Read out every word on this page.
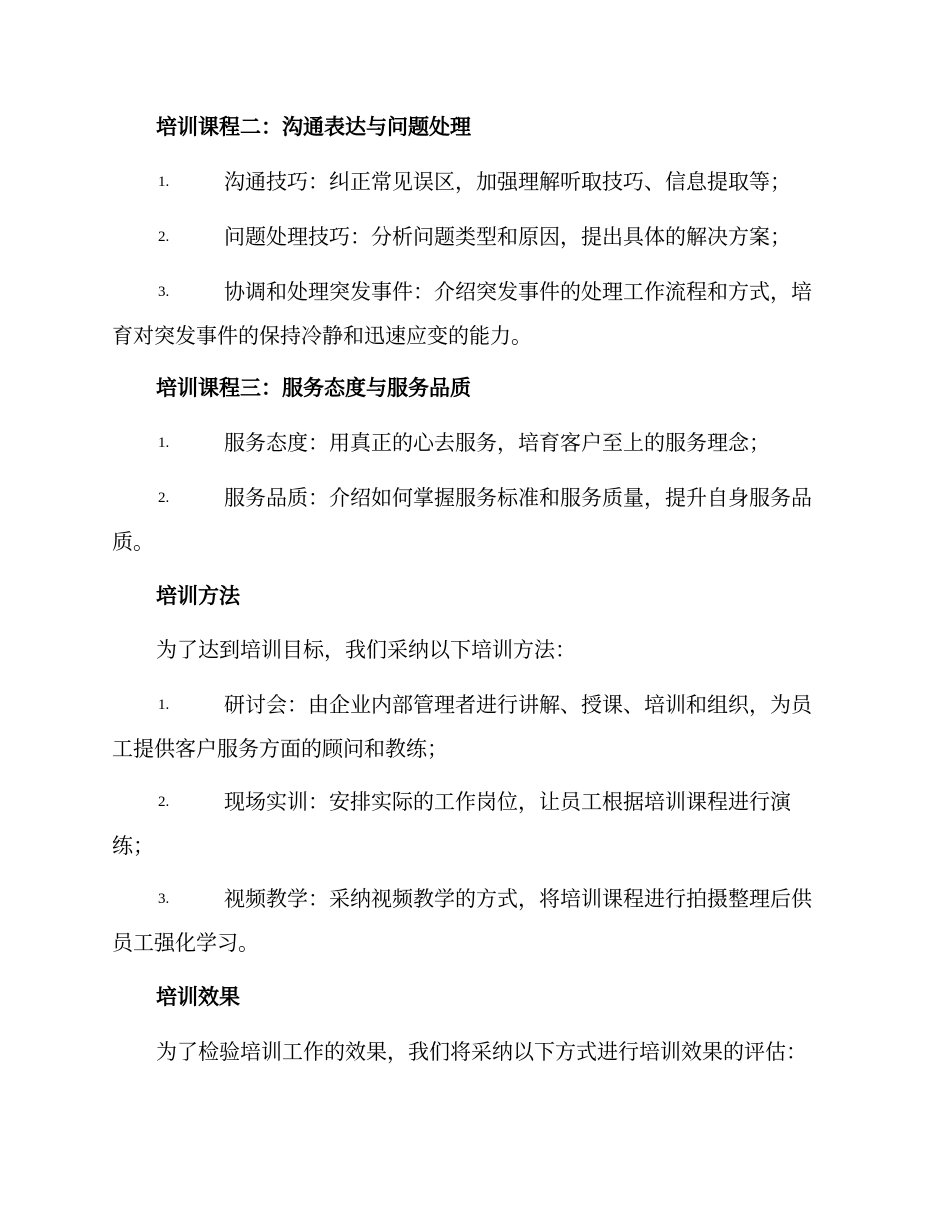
培训课程二：沟通表达与问题处理
1.	沟通技巧：纠正常见误区，加强理解听取技巧、信息提取等；
2.	问题处理技巧：分析问题类型和原因，提出具体的解决方案；
3.	协调和处理突发事件：介绍突发事件的处理工作流程和方式，培
育对突发事件的保持冷静和迅速应变的能力。
培训课程三：服务态度与服务品质
1.	服务态度：用真正的心去服务，培育客户至上的服务理念；
2.	服务品质：介绍如何掌握服务标准和服务质量，提升自身服务品
质。
培训方法
为了达到培训目标，我们采纳以下培训方法：
1.	研讨会：由企业内部管理者进行讲解、授课、培训和组织，为员
工提供客户服务方面的顾问和教练；
2.	现场实训：安排实际的工作岗位，让员工根据培训课程进行演
练；
3.	视频教学：采纳视频教学的方式，将培训课程进行拍摄整理后供
员工强化学习。
培训效果
为了检验培训工作的效果，我们将采纳以下方式进行培训效果的评估：
